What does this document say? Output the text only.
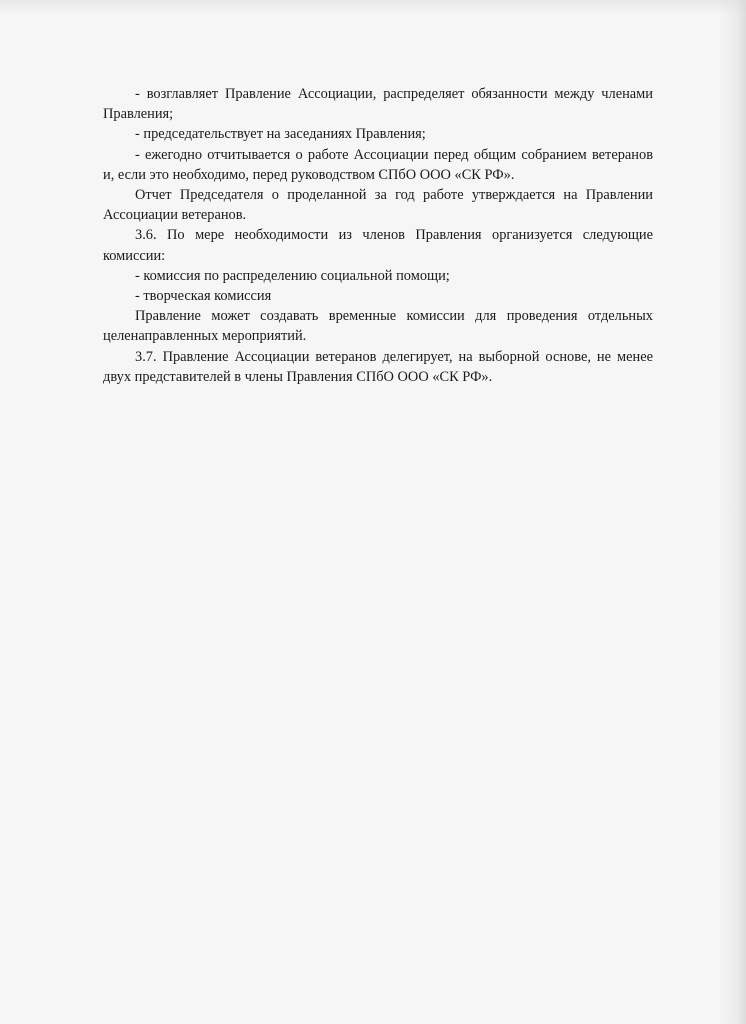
- возглавляет Правление Ассоциации, распределяет обязанности между членами Правления;

- председательствует на заседаниях Правления;

- ежегодно отчитывается о работе Ассоциации перед общим собранием ветеранов и, если это необходимо, перед руководством СПбО ООО «СК РФ».

Отчет Председателя о проделанной за год работе утверждается на Правлении Ассоциации ветеранов.

3.6. По мере необходимости из членов Правления организуется следующие комиссии:

- комиссия по распределению социальной помощи;

- творческая комиссия

Правление может создавать временные комиссии для проведения отдельных целенаправленных мероприятий.

3.7. Правление Ассоциации ветеранов делегирует, на выборной основе, не менее двух представителей в члены Правления СПбО ООО «СК РФ».
